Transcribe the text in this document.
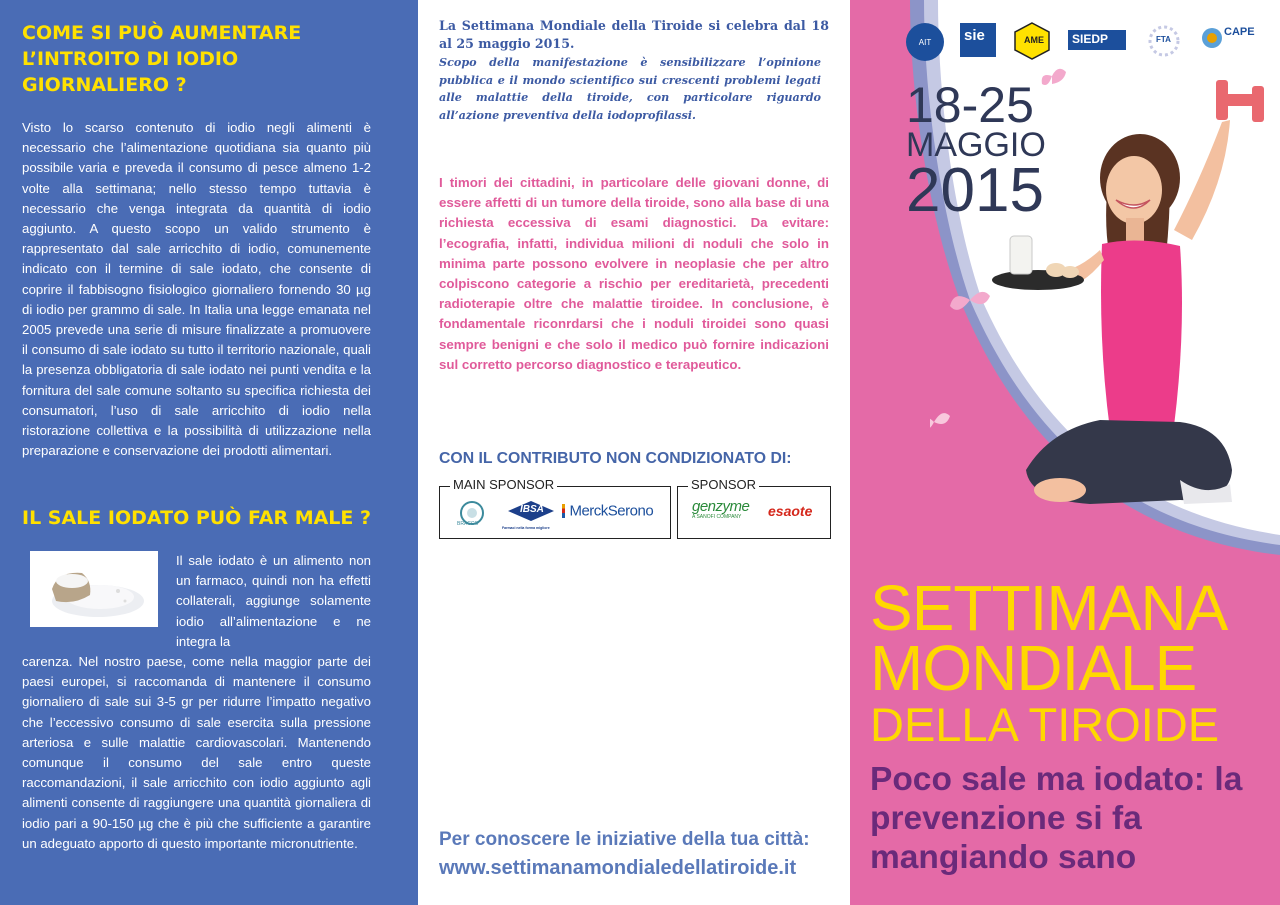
COME SI PUÒ AUMENTARE L’INTROITO DI IODIO GIORNALIERO ?

Visto lo scarso contenuto di iodio negli alimenti è necessario che l’alimentazione quotidiana sia quanto più possibile varia e preveda il consumo di pesce almeno 1-2 volte alla settimana; nello stesso tempo tuttavia è necessario che venga integrata da quantità di iodio aggiunto. A questo scopo un valido strumento è rappresentato dal sale arricchito di iodio, comunemente indicato con il termine di sale iodato, che consente di coprire il fabbisogno fisiologico giornaliero fornendo 30 µg di iodio per grammo di sale. In Italia una legge emanata nel 2005 prevede una serie di misure finalizzate a promuovere il consumo di sale iodato su tutto il territorio nazionale, quali la presenza obbligatoria di sale iodato nei punti vendita e la fornitura del sale comune soltanto su specifica richiesta dei consumatori, l’uso di sale arricchito di iodio nella ristorazione collettiva e la possibilità di utilizzazione nella preparazione e conservazione dei prodotti alimentari.

IL SALE IODATO PUÒ FAR MALE ?

Il sale iodato è un alimento non un farmaco, quindi non ha effetti collaterali, aggiunge solamente iodio all’alimentazione e ne integra la

carenza. Nel nostro paese, come nella maggior parte dei paesi europei, si raccomanda di mantenere il consumo giornaliero di sale sui 3-5 gr per ridurre l’impatto negativo che l’eccessivo consumo di sale esercita sulla pressione arteriosa e sulle malattie cardiovascolari. Mantenendo comunque il consumo del sale entro queste raccomandazioni, il sale arricchito con iodio aggiunto agli alimenti consente di raggiungere una quantità giornaliera di iodio pari a 90-150 µg che è più che sufficiente a garantire un adeguato apporto di questo importante micronutriente.

La Settimana Mondiale della Tiroide si celebra dal 18 al 25 maggio 2015.

Scopo della manifestazione è sensibilizzare l’opinione pubblica e il mondo scientifico sui crescenti problemi legati alle malattie della tiroide, con particolare riguardo all’azione preventiva della iodoprofilassi.

I timori dei cittadini, in particolare delle giovani donne, di essere affetti di un tumore della tiroide, sono alla base di una richiesta eccessiva di esami diagnostici. Da evitare: l’ecografia, infatti, individua milioni di noduli che solo in minima parte possono evolvere in neoplasie che per altro colpiscono categorie a rischio per ereditarietà, precedenti radioterapie oltre che malattie tiroidee. In conclusione, è fondamentale riconrdarsi che i noduli tiroidei sono quasi sempre benigni e che solo il medico può fornire indicazioni sul corretto percorso diagnostico e terapeutico.

CON IL CONTRIBUTO NON CONDIZIONATO DI:

MAIN SPONSOR
BRACCO
IBSA
Farmaci nella forma migliore
MerckSerono
SPONSOR
genzyme
A SANOFI COMPANY	esaote

Per conoscere le iniziative della tua città:

www.settimanamondialedellatiroide.it

AIT	sie	AME	SIEDP	FTA
CAPE

18-25

MAGGIO

2015

SETTIMANA

MONDIALE

DELLA TIROIDE

Poco sale ma iodato: la prevenzione si fa mangiando sano
